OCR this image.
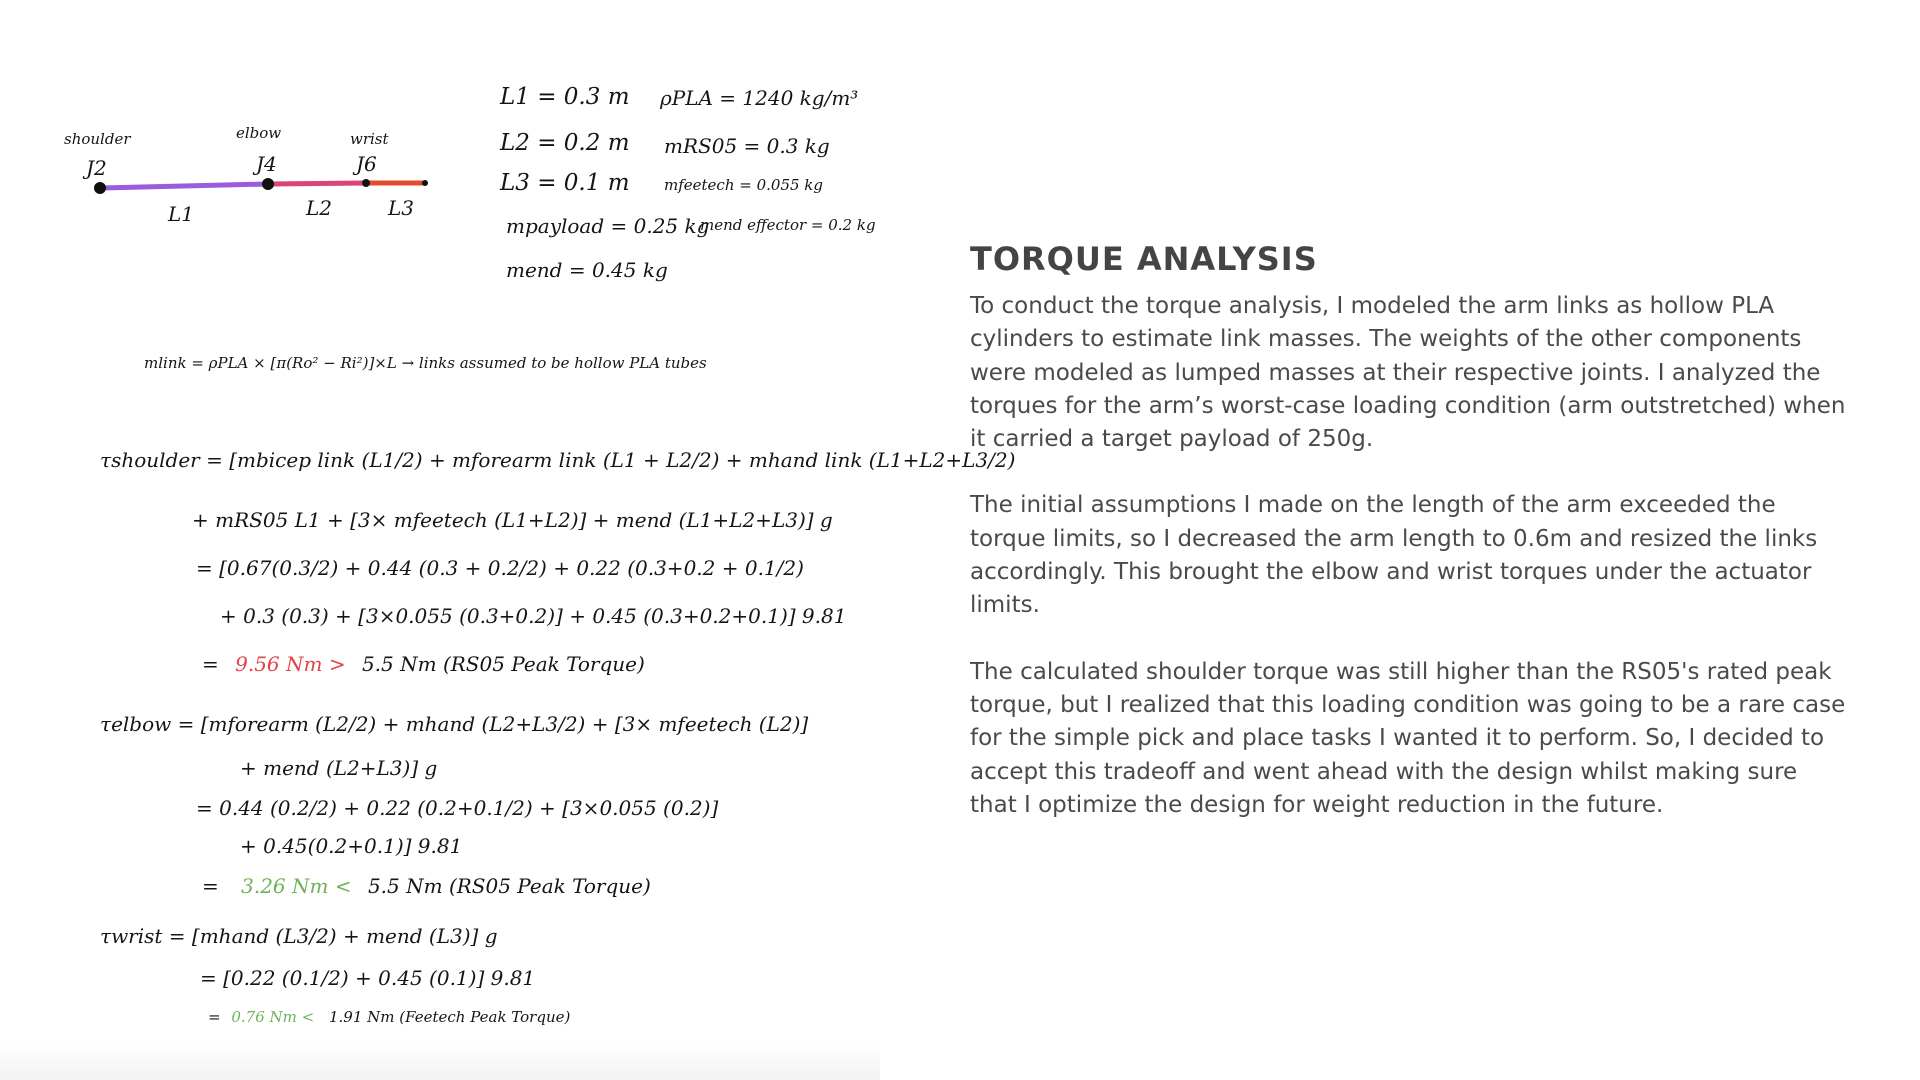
shoulder
J2
elbow
J4
wrist
J6
L1	L2	L3
L1 = 0.3 m
L2 = 0.2 m
L3 = 0.1 m
mpayload = 0.25 kg
mend = 0.45 kg
ρPLA = 1240 kg/m³
mRS05 = 0.3 kg
mfeetech = 0.055 kg
mend effector = 0.2 kg
mlink = ρPLA × [π(Ro² − Ri²)]×L → links assumed to be hollow PLA tubes
τshoulder = [mbicep link (L1/2) + mforearm link (L1 + L2/2) + mhand link (L1+L2+L3/2)
+ mRS05 L1 + [3× mfeetech (L1+L2)] + mend (L1+L2+L3)] g
= [0.67(0.3/2) + 0.44 (0.3 + 0.2/2) + 0.22 (0.3+0.2 + 0.1/2)
+ 0.3 (0.3) + [3×0.055 (0.3+0.2)] + 0.45 (0.3+0.2+0.1)] 9.81
= 9.56 Nm > 5.5 Nm (RS05 Peak Torque)
τelbow = [mforearm (L2/2) + mhand (L2+L3/2) + [3× mfeetech (L2)]
+ mend (L2+L3)] g
= 0.44 (0.2/2) + 0.22 (0.2+0.1/2) + [3×0.055 (0.2)]
+ 0.45(0.2+0.1)] 9.81
= 3.26 Nm < 5.5 Nm (RS05 Peak Torque)
τwrist = [mhand (L3/2) + mend (L3)] g
= [0.22 (0.1/2) + 0.45 (0.1)] 9.81
= 0.76 Nm < 1.91 Nm (Feetech Peak Torque)
TORQUE ANALYSIS

To conduct the torque analysis, I modeled the arm links as hollow PLA cylinders to estimate link masses. The weights of the other components were modeled as lumped masses at their respective joints. I analyzed the torques for the arm’s worst-case loading condition (arm outstretched) when it carried a target payload of 250g.

The initial assumptions I made on the length of the arm exceeded the torque limits, so I decreased the arm length to 0.6m and resized the links accordingly. This brought the elbow and wrist torques under the actuator limits.

The calculated shoulder torque was still higher than the RS05's rated peak torque, but I realized that this loading condition was going to be a rare case for the simple pick and place tasks I wanted it to perform. So, I decided to accept this tradeoff and went ahead with the design whilst making sure that I optimize the design for weight reduction in the future.
